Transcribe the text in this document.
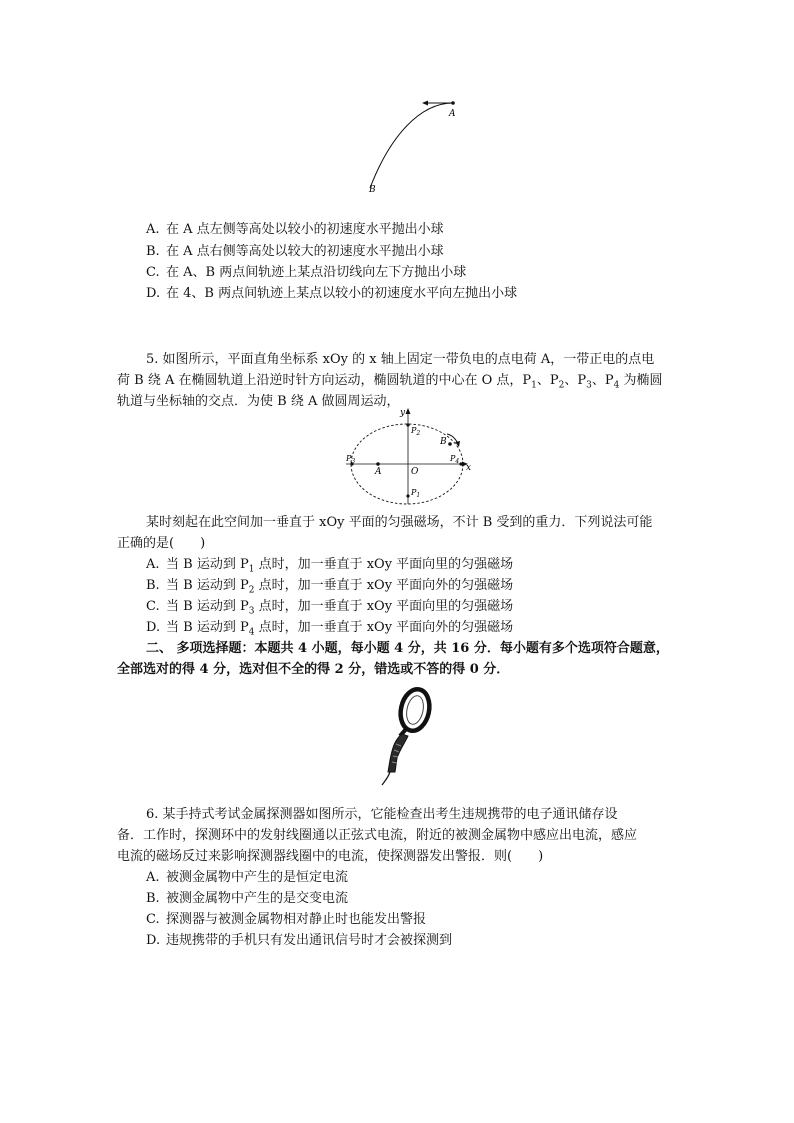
A
B
A. 在 A 点左侧等高处以较小的初速度水平抛出小球
B. 在 A 点右侧等高处以较大的初速度水平抛出小球
C. 在 A、B 两点间轨迹上某点沿切线向左下方抛出小球
D. 在 4、B 两点间轨迹上某点以较小的初速度水平向左抛出小球
5. 如图所示，平面直角坐标系 xOy 的 x 轴上固定一带负电的点电荷 A，一带正电的点电
荷 B 绕 A 在椭圆轨道上沿逆时针方向运动，椭圆轨道的中心在 O 点，$P_1$、$P_2$、$P_3$、$P_4$ 为椭圆
轨道与坐标轴的交点．为使 B 绕 A 做圆周运动，
y
x
O
A
B
$P_2$
$P_1$
$P_3$	$P_4$
某时刻起在此空间加一垂直于 xOy 平面的匀强磁场，不计 B 受到的重力．下列说法可能
正确的是(　　)
A. 当 B 运动到 $P_1$ 点时，加一垂直于 xOy 平面向里的匀强磁场
B. 当 B 运动到 $P_2$ 点时，加一垂直于 xOy 平面向外的匀强磁场
C. 当 B 运动到 $P_3$ 点时，加一垂直于 xOy 平面向里的匀强磁场
D. 当 B 运动到 $P_4$ 点时，加一垂直于 xOy 平面向外的匀强磁场
二、 多项选择题：本题共 4 小题，每小题 4 分，共 16 分．每小题有多个选项符合题意，
全部选对的得 4 分，选对但不全的得 2 分，错选或不答的得 0 分．
6. 某手持式考试金属探测器如图所示，它能检查出考生违规携带的电子通讯储存设
备．工作时，探测环中的发射线圈通以正弦式电流，附近的被测金属物中感应出电流，感应
电流的磁场反过来影响探测器线圈中的电流，使探测器发出警报．则(　　)
A. 被测金属物中产生的是恒定电流
B. 被测金属物中产生的是交变电流
C. 探测器与被测金属物相对静止时也能发出警报
D. 违规携带的手机只有发出通讯信号时才会被探测到
